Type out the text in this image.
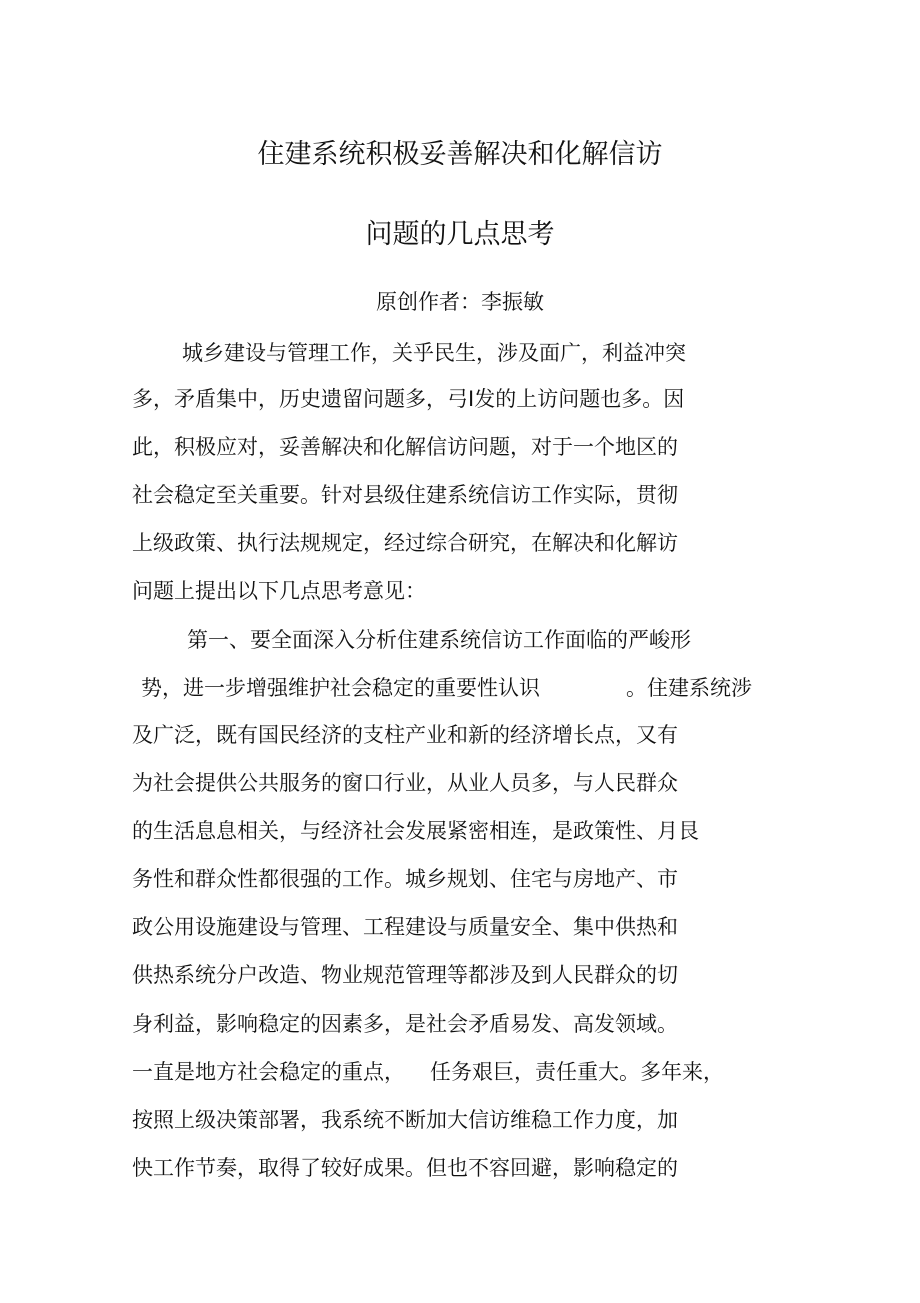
住建系统积极妥善解决和化解信访
问题的几点思考
原创作者：李振敏
城乡建设与管理工作，关乎民生，涉及面广，利益冲突
多，矛盾集中，历史遗留问题多，弓I发的上访问题也多。因
此，积极应对，妥善解决和化解信访问题，对于一个地区的
社会稳定至关重要。针对县级住建系统信访工作实际，贯彻
上级政策、执行法规规定，经过综合研究，在解决和化解访
问题上提出以下几点思考意见：
第一、要全面深入分析住建系统信访工作面临的严峻形
势，进一步增强维护社会稳定的重要性认识	。住建系统涉
及广泛，既有国民经济的支柱产业和新的经济增长点，又有
为社会提供公共服务的窗口行业，从业人员多，与人民群众
的生活息息相关，与经济社会发展紧密相连，是政策性、月艮
务性和群众性都很强的工作。城乡规划、住宅与房地产、市
政公用设施建设与管理、工程建设与质量安全、集中供热和
供热系统分户改造、物业规范管理等都涉及到人民群众的切
身利益，影响稳定的因素多，是社会矛盾易发、高发领域。
一直是地方社会稳定的重点， 任务艰巨，责任重大。多年来，
按照上级决策部署，我系统不断加大信访维稳工作力度，加
快工作节奏，取得了较好成果。但也不容回避，影响稳定的
